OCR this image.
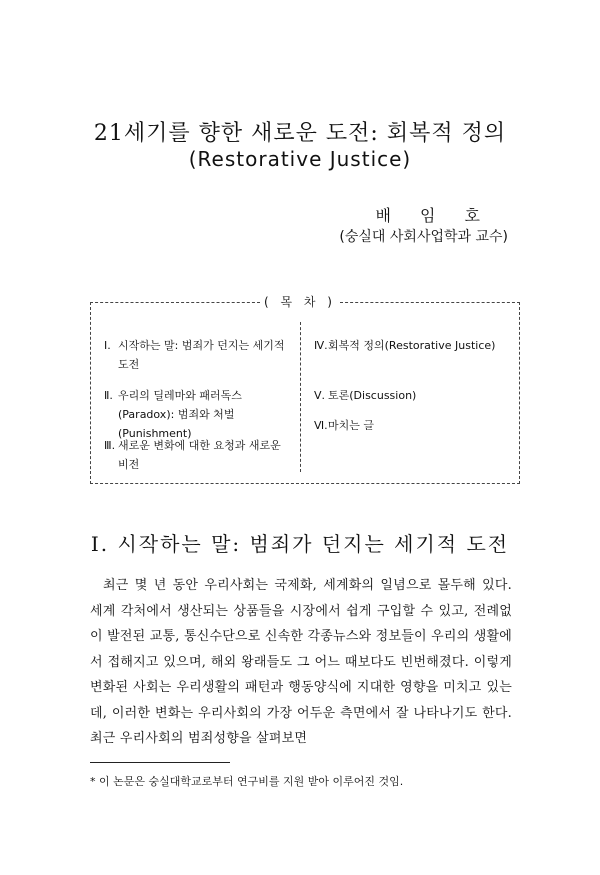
21세기를 향한 새로운 도전: 회복적 정의
(Restorative Justice)
배 임 호
(숭실대 사회사업학과 교수)
( 목 차 )
Ⅰ. 시작하는 말: 범죄가 던지는 세기적 도전
Ⅱ. 우리의 딜레마와 패러독스(Paradox): 범죄와 처벌(Punishment)
Ⅲ. 새로운 변화에 대한 요청과 새로운 비전
Ⅳ. 회복적 정의(Restorative Justice)
Ⅴ. 토론(Discussion)
Ⅵ. 마치는 글
Ⅰ. 시작하는 말: 범죄가 던지는 세기적 도전

최근 몇 년 동안 우리사회는 국제화, 세계화의 일념으로 몰두해 있다. 세계 각처에서 생산되는 상품들을 시장에서 쉽게 구입할 수 있고, 전례없이 발전된 교통, 통신수단으로 신속한 각종뉴스와 정보들이 우리의 생활에서 접해지고 있으며, 해외 왕래들도 그 어느 때보다도 빈번해졌다. 이렇게 변화된 사회는 우리생활의 패턴과 행동양식에 지대한 영향을 미치고 있는데, 이러한 변화는 우리사회의 가장 어두운 측면에서 잘 나타나기도 한다. 최근 우리사회의 범죄성향을 살펴보면

* 이 논문은 숭실대학교로부터 연구비를 지원 받아 이루어진 것임.
